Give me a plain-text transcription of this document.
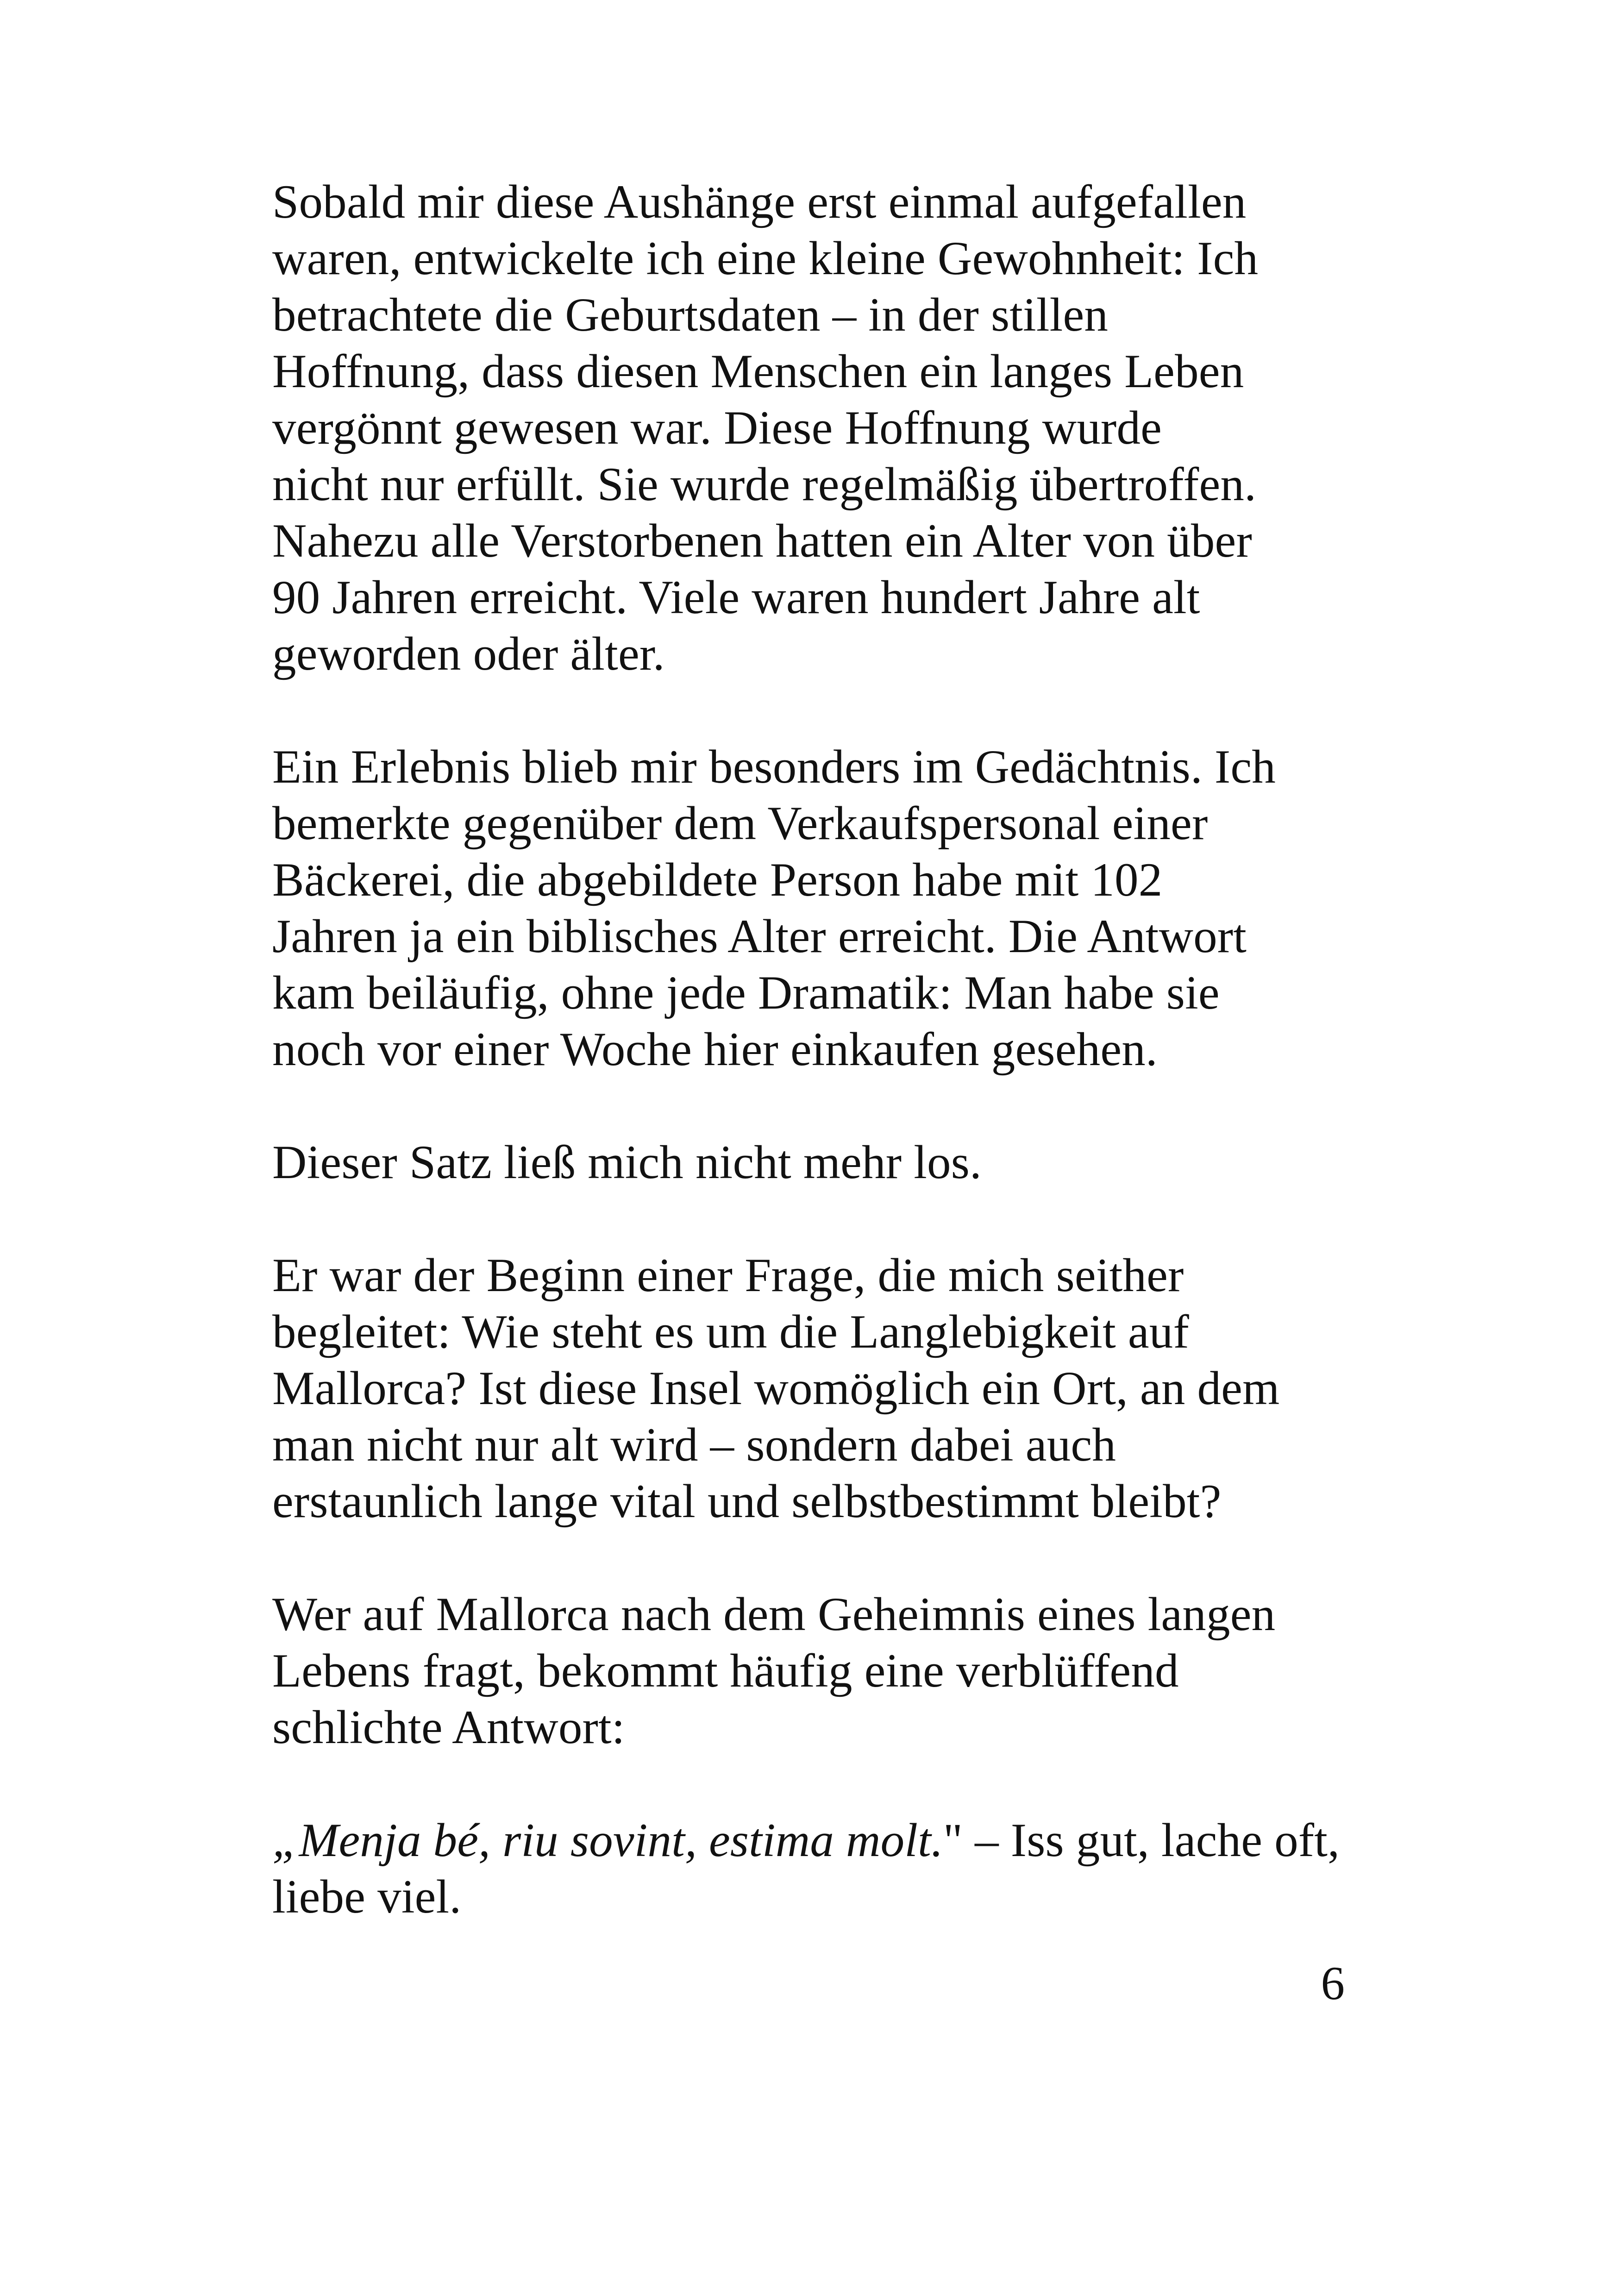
Sobald mir diese Aushänge erst einmal aufgefallen
waren, entwickelte ich eine kleine Gewohnheit: Ich
betrachtete die Geburtsdaten – in der stillen
Hoffnung, dass diesen Menschen ein langes Leben
vergönnt gewesen war. Diese Hoffnung wurde
nicht nur erfüllt. Sie wurde regelmäßig übertroffen.
Nahezu alle Verstorbenen hatten ein Alter von über
90 Jahren erreicht. Viele waren hundert Jahre alt
geworden oder älter.
Ein Erlebnis blieb mir besonders im Gedächtnis. Ich
bemerkte gegenüber dem Verkaufspersonal einer
Bäckerei, die abgebildete Person habe mit 102
Jahren ja ein biblisches Alter erreicht. Die Antwort
kam beiläufig, ohne jede Dramatik: Man habe sie
noch vor einer Woche hier einkaufen gesehen.
Dieser Satz ließ mich nicht mehr los.
Er war der Beginn einer Frage, die mich seither
begleitet: Wie steht es um die Langlebigkeit auf
Mallorca? Ist diese Insel womöglich ein Ort, an dem
man nicht nur alt wird – sondern dabei auch
erstaunlich lange vital und selbstbestimmt bleibt?
Wer auf Mallorca nach dem Geheimnis eines langen
Lebens fragt, bekommt häufig eine verblüffend
schlichte Antwort:
„Menja bé, riu sovint, estima molt." – Iss gut, lache oft,
liebe viel.
6
